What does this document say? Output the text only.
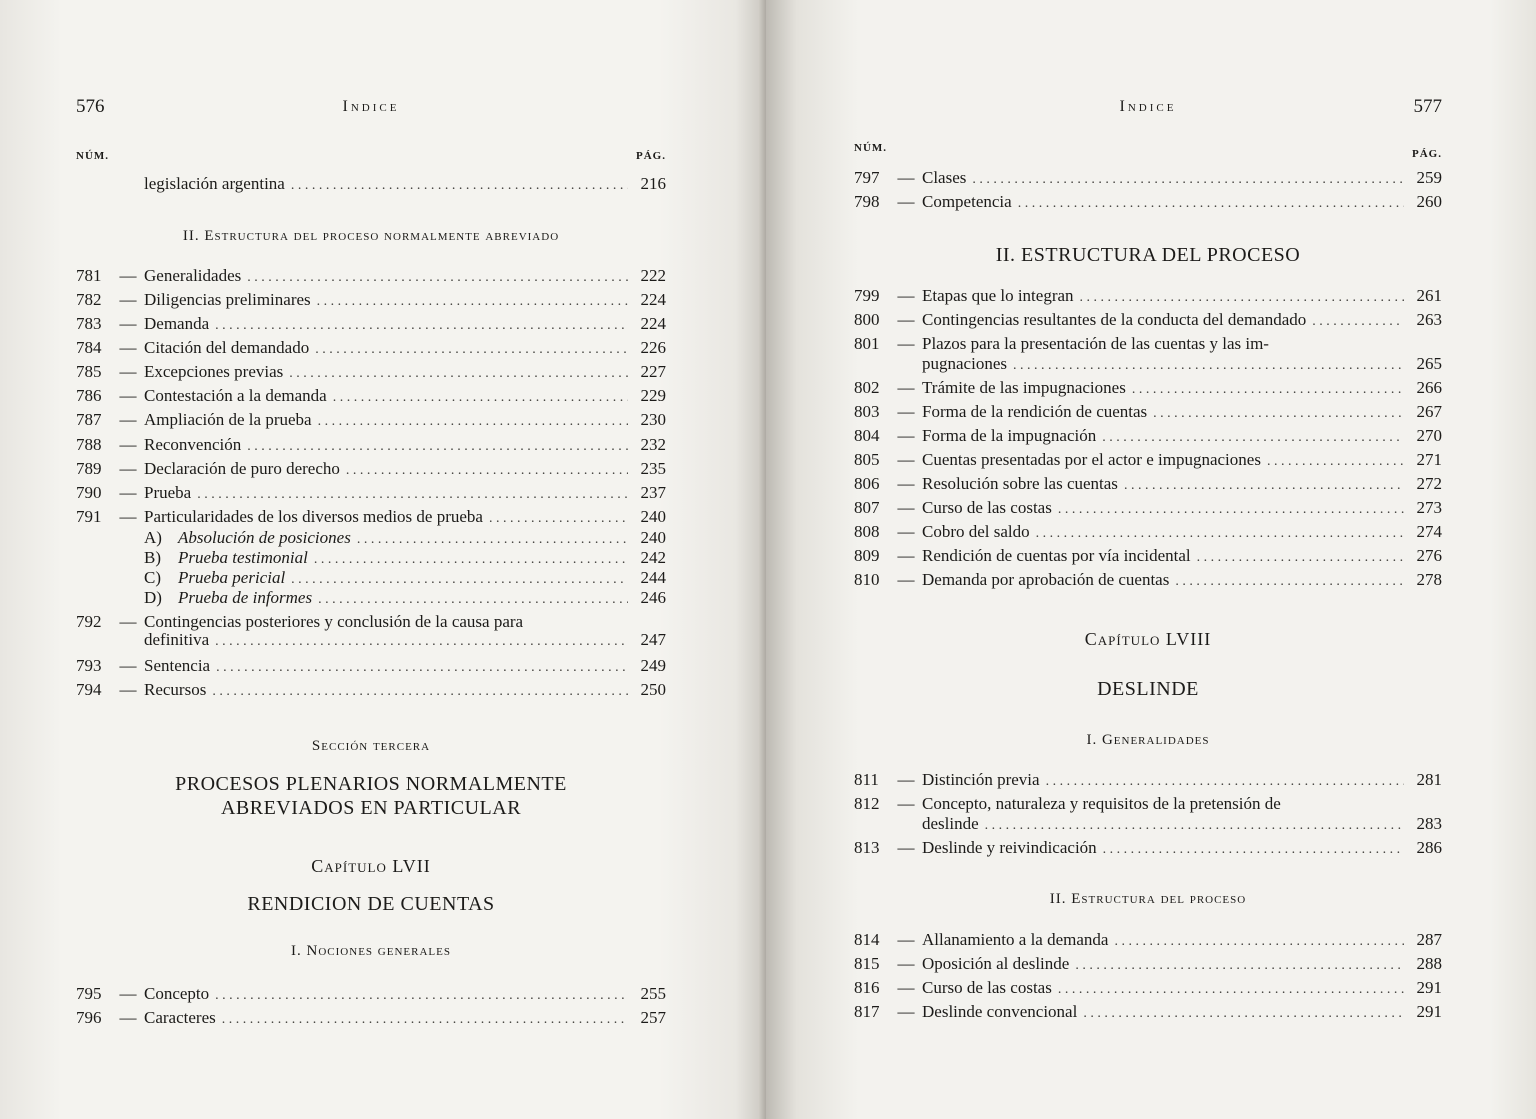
576	Indice
NÚM.	PÁG.
legislación argentina . . .	216
II. Estructura del proceso normalmente abreviado
781	— Generalidades . . .	222
782	— Diligencias preliminares . . .	224
783	— Demanda . . .	224
784	— Citación del demandado . . .	226
785	— Excepciones previas . . .	227
786	— Contestación a la demanda . . .	229
787	— Ampliación de la prueba . . .	230
788	— Reconvención . . .	232
789	— Declaración de puro derecho . . .	235
790	— Prueba . . .	237
791	— Particularidades de los diversos medios de prueba . . .	240
A) Absolución de posiciones . . .	240
B)	Prueba testimonial . . .	242
C)	Prueba pericial . . .	244
D) Prueba de informes . . .	246
792	— Contingencias posteriores y conclusión de la causa para
definitiva . . .	247
793	— Sentencia . . .	249
794	— Recursos . . .	250
795	— Concepto . . .	255
796	— Caracteres . . .	257
Sección tercera
PROCESOS PLENARIOS NORMALMENTE
ABREVIADOS EN PARTICULAR
Capítulo LVII
RENDICION DE CUENTAS
I. Nociones generales
Indice	577
NÚM.	PÁG.
II. ESTRUCTURA DEL PROCESO
Capítulo LVIII
DESLINDE
I. Generalidades
II. Estructura del proceso
797	— Clases . . .	259
798	— Competencia . . .	260
799	— Etapas que lo integran . . .	261
800	— Contingencias resultantes de la conducta del demandado . . .	263
801	— Plazos para la presentación de las cuentas y las im-
pugnaciones . . .	265
802	— Trámite de las impugnaciones . . .	266
803	— Forma de la rendición de cuentas . . .	267
804	— Forma de la impugnación . . .	270
805	— Cuentas presentadas por el actor e impugnaciones . . .	271
806	— Resolución sobre las cuentas . . .	272
807	— Curso de las costas . . .	273
808	— Cobro del saldo . . .	274
809	— Rendición de cuentas por vía incidental . . .	276
810	— Demanda por aprobación de cuentas . . .	278
811	— Distinción previa . . .	281
812	— Concepto, naturaleza y requisitos de la pretensión de
deslinde . . .	283
813	— Deslinde y reivindicación . . .	286
814	— Allanamiento a la demanda . . .	287
815	— Oposición al deslinde . . .	288
816	— Curso de las costas . . .	291
817	— Deslinde convencional . . .	291
